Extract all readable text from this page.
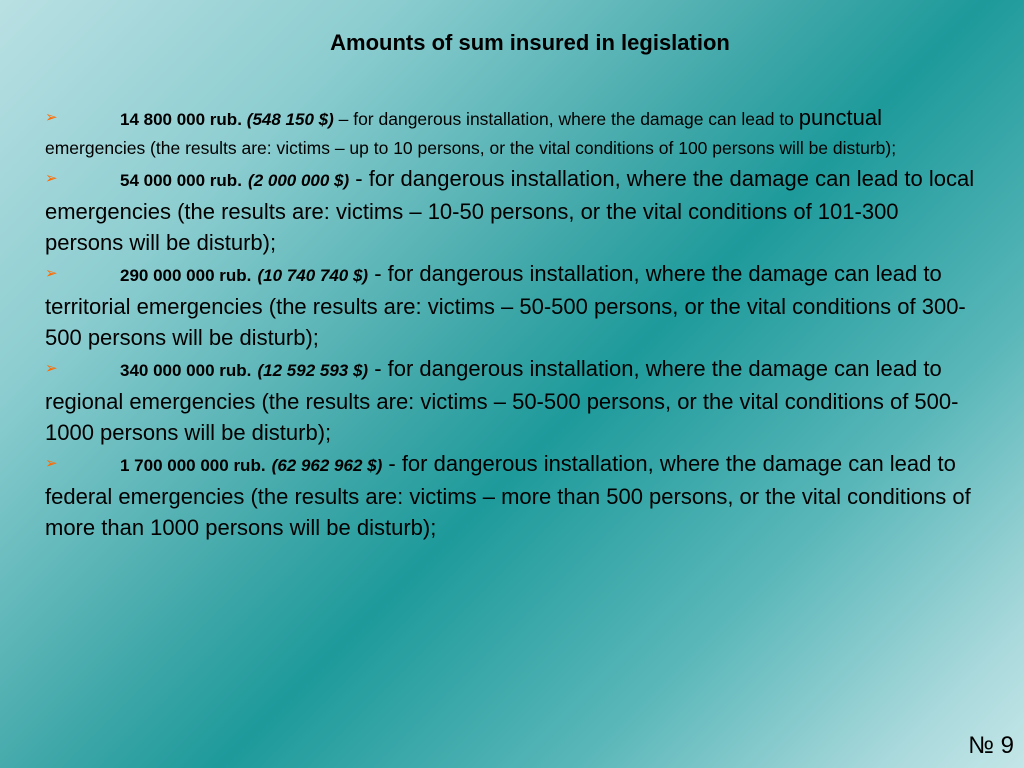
Amounts of sum insured in legislation

➢	14 800 000 rub. (548 150 $) – for dangerous installation, where the damage can lead to punctual emergencies (the results are: victims – up to 10 persons, or the vital conditions of 100 persons will be disturb);

➢	54 000 000 rub. (2 000 000 $) - for dangerous installation, where the damage can lead to local emergencies (the results are: victims – 10-50 persons, or the vital conditions of 101-300 persons will be disturb);

➢	290 000 000 rub. (10 740 740 $) - for dangerous installation, where the damage can lead to territorial emergencies (the results are: victims – 50-500 persons, or the vital conditions of 300-500 persons will be disturb);

➢	340 000 000 rub. (12 592 593 $) - for dangerous installation, where the damage can lead to regional emergencies (the results are: victims – 50-500 persons, or the vital conditions of 500-1000 persons will be disturb);

➢	1 700 000 000 rub. (62 962 962 $) - for dangerous installation, where the damage can lead to federal emergencies (the results are: victims – more than 500 persons, or the vital conditions of more than 1000 persons will be disturb);

№ 9
